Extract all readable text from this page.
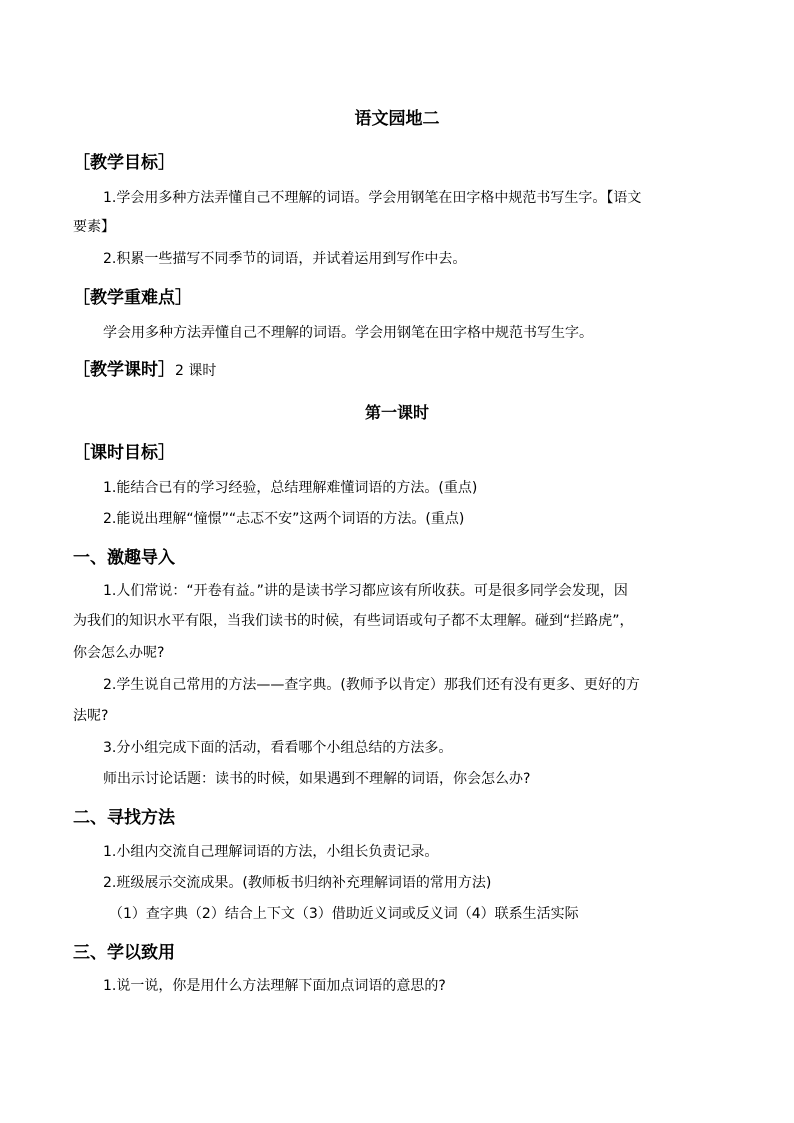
语文园地二
［教学目标］
1.学会用多种方法弄懂自己不理解的词语。学会用钢笔在田字格中规范书写生字。【语文
要素】
2.积累一些描写不同季节的词语，并试着运用到写作中去。
［教学重难点］
学会用多种方法弄懂自己不理解的词语。学会用钢笔在田字格中规范书写生字。
［教学课时］2 课时
第一课时
［课时目标］
1.能结合已有的学习经验，总结理解难懂词语的方法。(重点)
2.能说出理解“憧憬”“忐忑不安”这两个词语的方法。(重点)
一、激趣导入
1.人们常说：“开卷有益。”讲的是读书学习都应该有所收获。可是很多同学会发现，因
为我们的知识水平有限，当我们读书的时候，有些词语或句子都不太理解。碰到“拦路虎”，
你会怎么办呢?
2.学生说自己常用的方法——查字典。(教师予以肯定）那我们还有没有更多、更好的方
法呢?
3.分小组完成下面的活动，看看哪个小组总结的方法多。
师出示讨论话题：读书的时候，如果遇到不理解的词语，你会怎么办?
二、寻找方法
1.小组内交流自己理解词语的方法，小组长负责记录。
2.班级展示交流成果。(教师板书归纳补充理解词语的常用方法)
（1）查字典（2）结合上下文（3）借助近义词或反义词（4）联系生活实际
三、学以致用
1.说一说，你是用什么方法理解下面加点词语的意思的?
